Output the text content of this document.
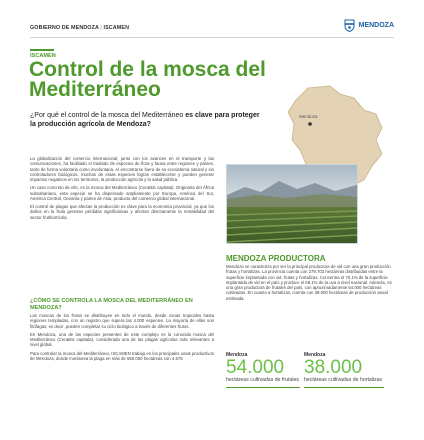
GOBIERNO DE MENDOZA | ISCAMEN	MENDOZA
ISCAMEN
Control de la mosca del Mediterráneo
¿Por qué el control de la mosca del Mediterráneo es clave para proteger la producción agrícola de Mendoza?
Mendoza

La globalización del comercio internacional, junto con los avances en el transporte y las comunicaciones, ha facilitado el traslado de especies de flora y fauna entre regiones y países, tanto de forma voluntaria como involuntaria. Al encontrarse fuera de su ecosistema natural y sin controladores biológicos, muchas de estas especies logran establecerse y pueden generar impactos negativos en los territorios, la producción agrícola y la salud pública.

Un caso concreto de ello, es la mosca del Mediterráneo (Ceratitis capitata). Originaria del África subsahariana, esta especie se ha dispersado ampliamente por Europa, América del Sur, América Central, Oceanía y partes de Asia, producto del comercio global internacional.

El control de plagas que afectan la producción es clave para la economía provincial, ya que los daños en la fruta generan pérdidas significativas y afectan directamente la rentabilidad del sector frutihortícola.

¿CÓMO SE CONTROLA LA MOSCA DEL MEDITERRÁNEO EN MENDOZA?

Las moscas de los frutos se distribuyen en todo el mundo, desde zonas tropicales hasta regiones templadas, con un registro que supera las 4.000 especies. La mayoría de ellas son fitófagas, es decir, pueden completar su ciclo biológico a través de diferentes frutos.

En Mendoza, una de las especies presentes de este complejo es la conocida mosca del Mediterráneo (Ceratitis capitata), considerada una de las plagas agrícolas más relevantes a nivel global.

Para controlar la mosca del Mediterráneo, ISCAMEN trabaja en los principales oasis productivos de Mendoza, donde monitorea la plaga en más de 550.000 hectáreas con 4.575

MENDOZA PRODUCTORA
Mendoza se caracteriza por ser la principal productora de vid con una gran producción frutas y hortalizas. La provincia cuenta con 279.703 hectáreas distribuidas entre la superficie implantada con vid, frutas y hortalizas. Concentra el 70,1% de la superficie implantada de vid en el país y produce el 68,1% de la uva a nivel nacional. Además, es una gran productora de frutales del país, con aproximadamente 54.000 hectáreas cultivadas. En cuanto a hortalizas, cuenta con 38.000 hectáreas de producción anual estimada.
Mendoza
54.000
hectáreas cultivadas de frutales
Mendoza
38.000
hectáreas cultivadas de hortalizas
